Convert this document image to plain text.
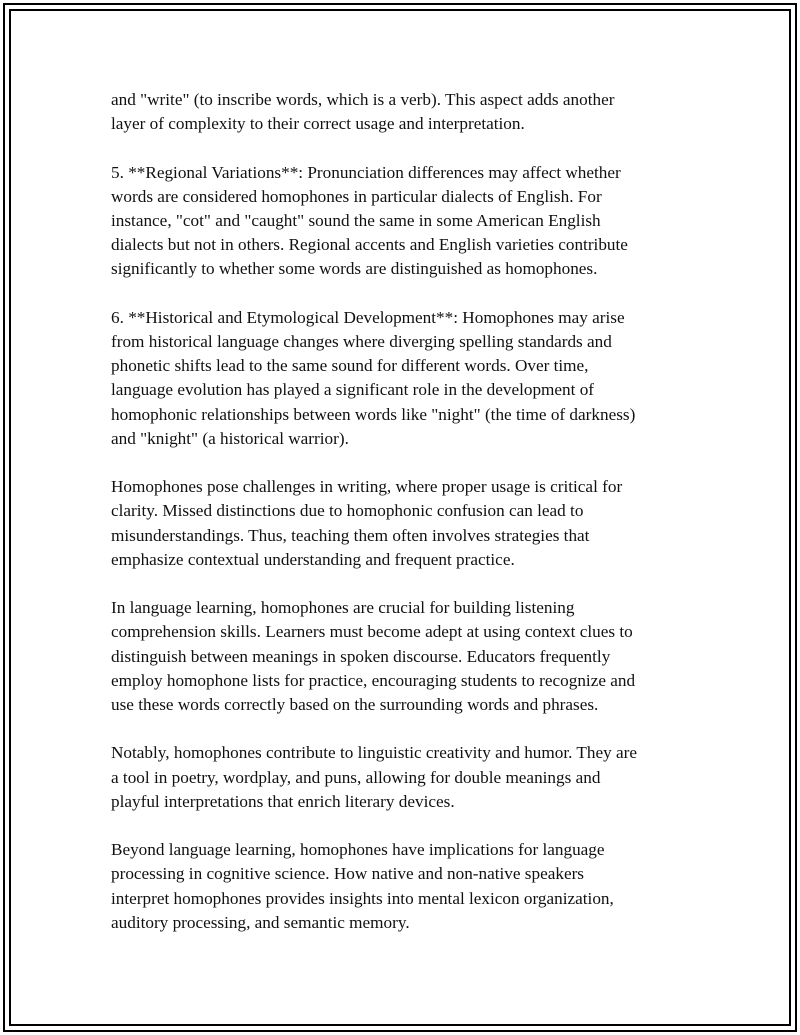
and "write" (to inscribe words, which is a verb). This aspect adds another
layer of complexity to their correct usage and interpretation.

5. **Regional Variations**: Pronunciation differences may affect whether
words are considered homophones in particular dialects of English. For
instance, "cot" and "caught" sound the same in some American English
dialects but not in others. Regional accents and English varieties contribute
significantly to whether some words are distinguished as homophones.

6. **Historical and Etymological Development**: Homophones may arise
from historical language changes where diverging spelling standards and
phonetic shifts lead to the same sound for different words. Over time,
language evolution has played a significant role in the development of
homophonic relationships between words like "night" (the time of darkness)
and "knight" (a historical warrior).

Homophones pose challenges in writing, where proper usage is critical for
clarity. Missed distinctions due to homophonic confusion can lead to
misunderstandings. Thus, teaching them often involves strategies that
emphasize contextual understanding and frequent practice.

In language learning, homophones are crucial for building listening
comprehension skills. Learners must become adept at using context clues to
distinguish between meanings in spoken discourse. Educators frequently
employ homophone lists for practice, encouraging students to recognize and
use these words correctly based on the surrounding words and phrases.

Notably, homophones contribute to linguistic creativity and humor. They are
a tool in poetry, wordplay, and puns, allowing for double meanings and
playful interpretations that enrich literary devices.

Beyond language learning, homophones have implications for language
processing in cognitive science. How native and non-native speakers
interpret homophones provides insights into mental lexicon organization,
auditory processing, and semantic memory.
